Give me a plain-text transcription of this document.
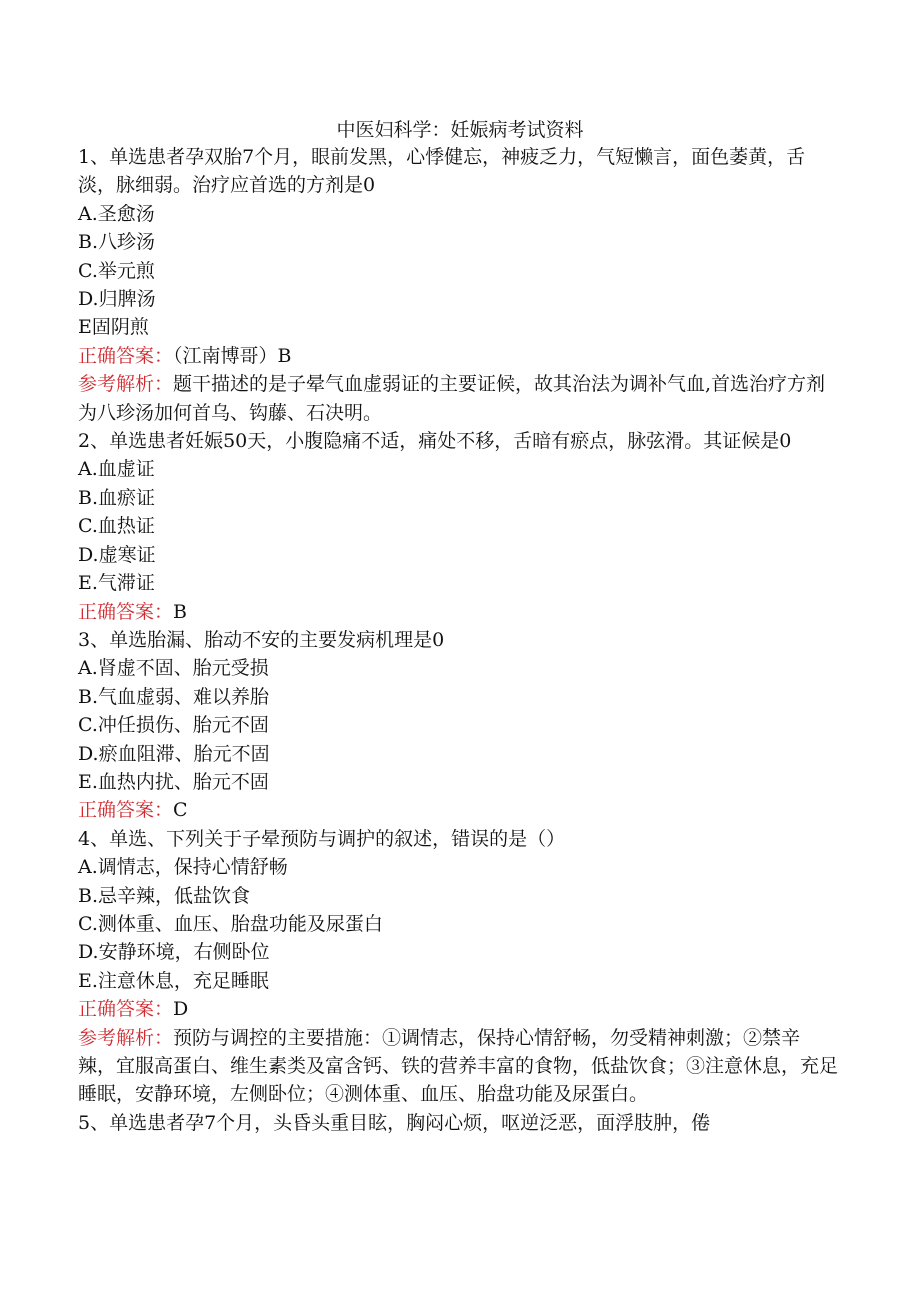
中医妇科学：妊娠病考试资料
1、单选患者孕双胎7个月，眼前发黑，心悸健忘，神疲乏力，气短懒言，面色萎黄，舌淡，脉细弱。治疗应首选的方剂是0
A.圣愈汤
B.八珍汤
C.举元煎
D.归脾汤
E固阴煎
正确答案：（江南博哥）B
参考解析：题干描述的是子晕气血虚弱证的主要证候，故其治法为调补气血,首选治疗方剂为八珍汤加何首乌、钩藤、石决明。
2、单选患者妊娠50天，小腹隐痛不适，痛处不移，舌暗有瘀点，脉弦滑。其证候是0
A.血虚证
B.血瘀证
C.血热证
D.虚寒证
E.气滞证
正确答案：B
3、单选胎漏、胎动不安的主要发病机理是0
A.肾虚不固、胎元受损
B.气血虚弱、难以养胎
C.冲任损伤、胎元不固
D.瘀血阻滞、胎元不固
E.血热内扰、胎元不固
正确答案：C
4、单选、下列关于子晕预防与调护的叙述，错误的是（）
A.调情志，保持心情舒畅
B.忌辛辣，低盐饮食
C.测体重、血压、胎盘功能及尿蛋白
D.安静环境，右侧卧位
E.注意休息，充足睡眠
正确答案：D
参考解析：预防与调控的主要措施：①调情志，保持心情舒畅，勿受精神刺激；②禁辛辣，宜服高蛋白、维生素类及富含钙、铁的营养丰富的食物，低盐饮食；③注意休息，充足睡眠，安静环境，左侧卧位；④测体重、血压、胎盘功能及尿蛋白。
5、单选患者孕7个月，头昏头重目眩，胸闷心烦，呕逆泛恶，面浮肢肿，倦
